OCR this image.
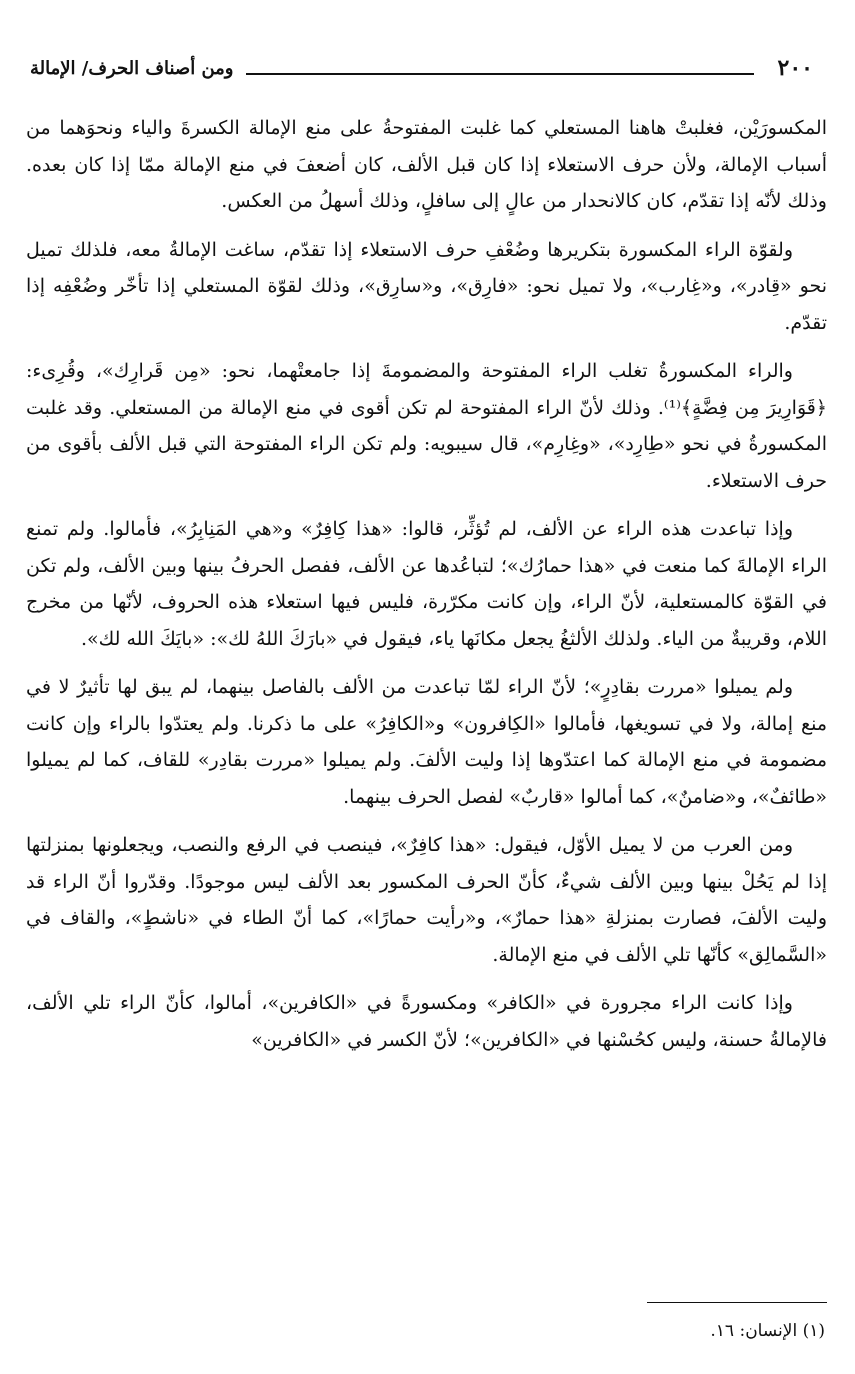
٢٠٠
ومن أصناف الحرف/ الإمالة

المكسورَيْن، فغلبتْ هاهنا المستعلي كما غلبت المفتوحةُ على منع الإمالة الكسرةَ والياء ونحوَهما من أسباب الإمالة، ولأن حرف الاستعلاء إذا كان قبل الألف، كان أضعفَ في منع الإمالة ممّا إذا كان بعده. وذلك لأنّه إذا تقدّم، كان كالانحدار من عالٍ إلى سافلٍ، وذلك أسهلُ من العكس.

ولقوّة الراء المكسورة بتكريرها وضُعْفِ حرف الاستعلاء إذا تقدّم، ساغت الإمالةُ معه، فلذلك تميل نحو «قِادر»، و«غِارب»، ولا تميل نحو: «فارِق»، و«سارِق»، وذلك لقوّة المستعلي إذا تأخّر وضُعْفِه إذا تقدّم.

والراء المكسورةُ تغلب الراء المفتوحة والمضمومةَ إذا جامعتْهما، نحو: «مِن قَرارِك»، وقُرِىء: ﴿قَوَارِيرَ مِن فِضَّةٍ﴾⁽¹⁾. وذلك لأنّ الراء المفتوحة لم تكن أقوى في منع الإمالة من المستعلي. وقد غلبت المكسورةُ في نحو «طِارِد»، «وغِارِم»، قال سيبويه: ولم تكن الراء المفتوحة التي قبل الألف بأقوى من حرف الاستعلاء.

وإذا تباعدت هذه الراء عن الألف، لم تُؤثِّر، قالوا: «هذا كِافِرٌ» و«هي المَنِابِرُ»، فأمالوا. ولم تمنع الراء الإمالةَ كما منعت في «هذا حمارُك»؛ لتباعُدها عن الألف، ففصل الحرفُ بينها وبين الألف، ولم تكن في القوّة كالمستعلية، لأنّ الراء، وإن كانت مكرّرة، فليس فيها استعلاء هذه الحروف، لأنّها من مخرج اللام، وقريبةٌ من الياء. ولذلك الألثغُ يجعل مكانَها ياء، فيقول في «بارَكَ اللهُ لك»: «بايَكَ الله لك».

ولم يميلوا «مررت بقادِرٍ»؛ لأنّ الراء لمّا تباعدت من الألف بالفاصل بينهما، لم يبق لها تأثيرٌ لا في منع إمالة، ولا في تسويغها، فأمالوا «الكِافرون» و«الكافِرُ» على ما ذكرنا. ولم يعتدّوا بالراء وإن كانت مضمومة في منع الإمالة كما اعتدّوها إذا وليت الألفَ. ولم يميلوا «مررت بقادِر» للقاف، كما لم يميلوا «طائفٌ»، و«ضامنٌ»، كما أمالوا «قاربٌ» لفصل الحرف بينهما.

ومن العرب من لا يميل الأوّل، فيقول: «هذا كافِرٌ»، فينصب في الرفع والنصب، ويجعلونها بمنزلتها إذا لم يَحُلْ بينها وبين الألف شيءٌ، كأنّ الحرف المكسور بعد الألف ليس موجودًا. وقدّروا أنّ الراء قد وليت الألفَ، فصارت بمنزلةِ «هذا حمارٌ»، و«رأيت حمارًا»، كما أنّ الطاء في «ناشطٍ»، والقاف في «السَّمالِق» كأنّها تلي الألف في منع الإمالة.

وإذا كانت الراء مجرورة في «الكافر» ومكسورةً في «الكافرين»، أمالوا، كأنّ الراء تلي الألف، فالإمالةُ حسنة، وليس كحُسْنها في «الكافرين»؛ لأنّ الكسر في «الكافرين»

(١) الإنسان: ١٦.
